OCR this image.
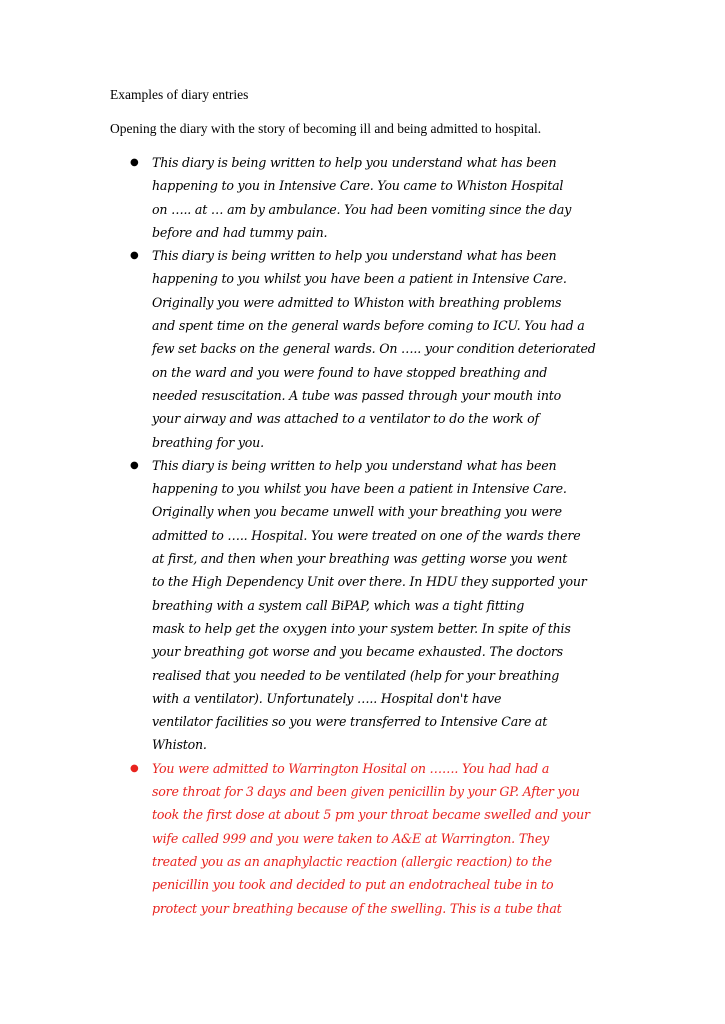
Examples of diary entries
Opening the diary with the story of becoming ill and being admitted to hospital.
● This diary is being written to help you understand what has been
happening to you in Intensive Care. You came to Whiston Hospital
on ….. at … am by ambulance. You had been vomiting since the day
before and had tummy pain.
● This diary is being written to help you understand what has been
happening to you whilst you have been a patient in Intensive Care.
Originally you were admitted to Whiston with breathing problems
and spent time on the general wards before coming to ICU. You had a
few set backs on the general wards. On ….. your condition deteriorated
on the ward and you were found to have stopped breathing and
needed resuscitation. A tube was passed through your mouth into
your airway and was attached to a ventilator to do the work of
breathing for you.
● This diary is being written to help you understand what has been
happening to you whilst you have been a patient in Intensive Care.
Originally when you became unwell with your breathing you were
admitted to ….. Hospital. You were treated on one of the wards there
at first, and then when your breathing was getting worse you went
to the High Dependency Unit over there. In HDU they supported your
breathing with a system call BiPAP, which was a tight fitting
mask to help get the oxygen into your system better. In spite of this
your breathing got worse and you became exhausted. The doctors
realised that you needed to be ventilated (help for your breathing
with a ventilator). Unfortunately ….. Hospital don't have
ventilator facilities so you were transferred to Intensive Care at
Whiston.
● You were admitted to Warrington Hosital on ……. You had had a
sore throat for 3 days and been given penicillin by your GP. After you
took the first dose at about 5 pm your throat became swelled and your
wife called 999 and you were taken to A&E at Warrington. They
treated you as an anaphylactic reaction (allergic reaction) to the
penicillin you took and decided to put an endotracheal tube in to
protect your breathing because of the swelling. This is a tube that
